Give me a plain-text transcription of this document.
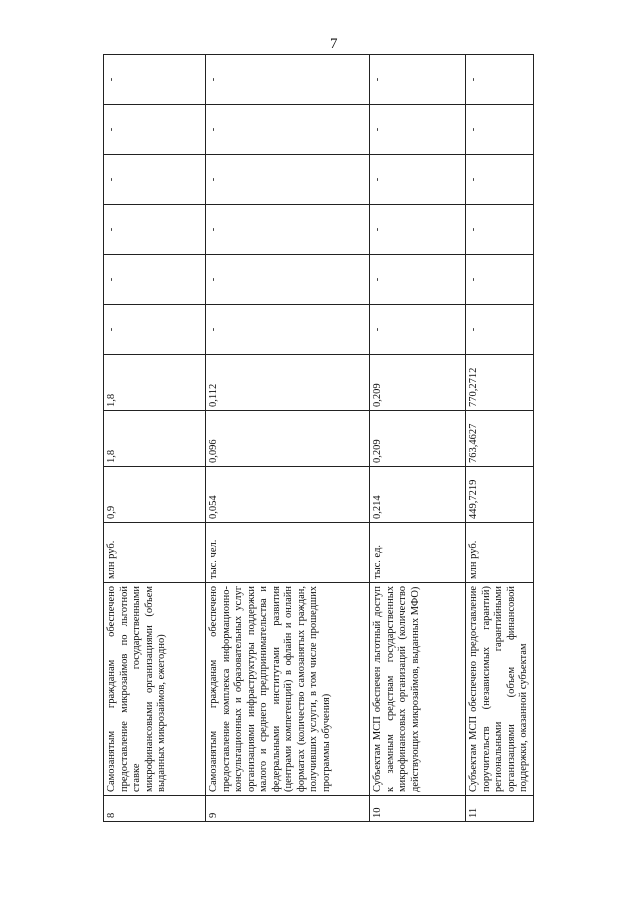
7
8	Самозанятым гражданам обеспечено предоставление микрозаймов по льготной ставке государственными микрофинансовыми организациями (объем выданных микрозаймов, ежегодно)	млн руб.	0,9	1,8	1,8	-	-	-	-	-	-
9	Самозанятым гражданам обеспечено предоставление комплекса информационно-консультационных и образовательных услуг организациями инфраструктуры поддержки малого и среднего предпринимательства и федеральными институтами развития (центрами компетенций) в офлайн и онлайн форматах (количество самозанятых граждан, получивших услуги, в том числе прошедших программы обучения)	тыс. чел.	0,054	0,096	0,112	-	-	-	-	-	-
10	Субъектам МСП обеспечен льготный доступ к заемным средствам государственных микрофинансовых организаций (количество действующих микрозаймов, выданных МФО)	тыс. ед.	0,214	0,209	0,209	-	-	-	-	-	-
11	Субъектам МСП обеспечено предоставление поручительств (независимых гарантий) региональными гарантийными организациями (объем финансовой поддержки, оказанной субъектам	млн руб.	449,7219	763,4627	770,2712	-	-	-	-	-	-
